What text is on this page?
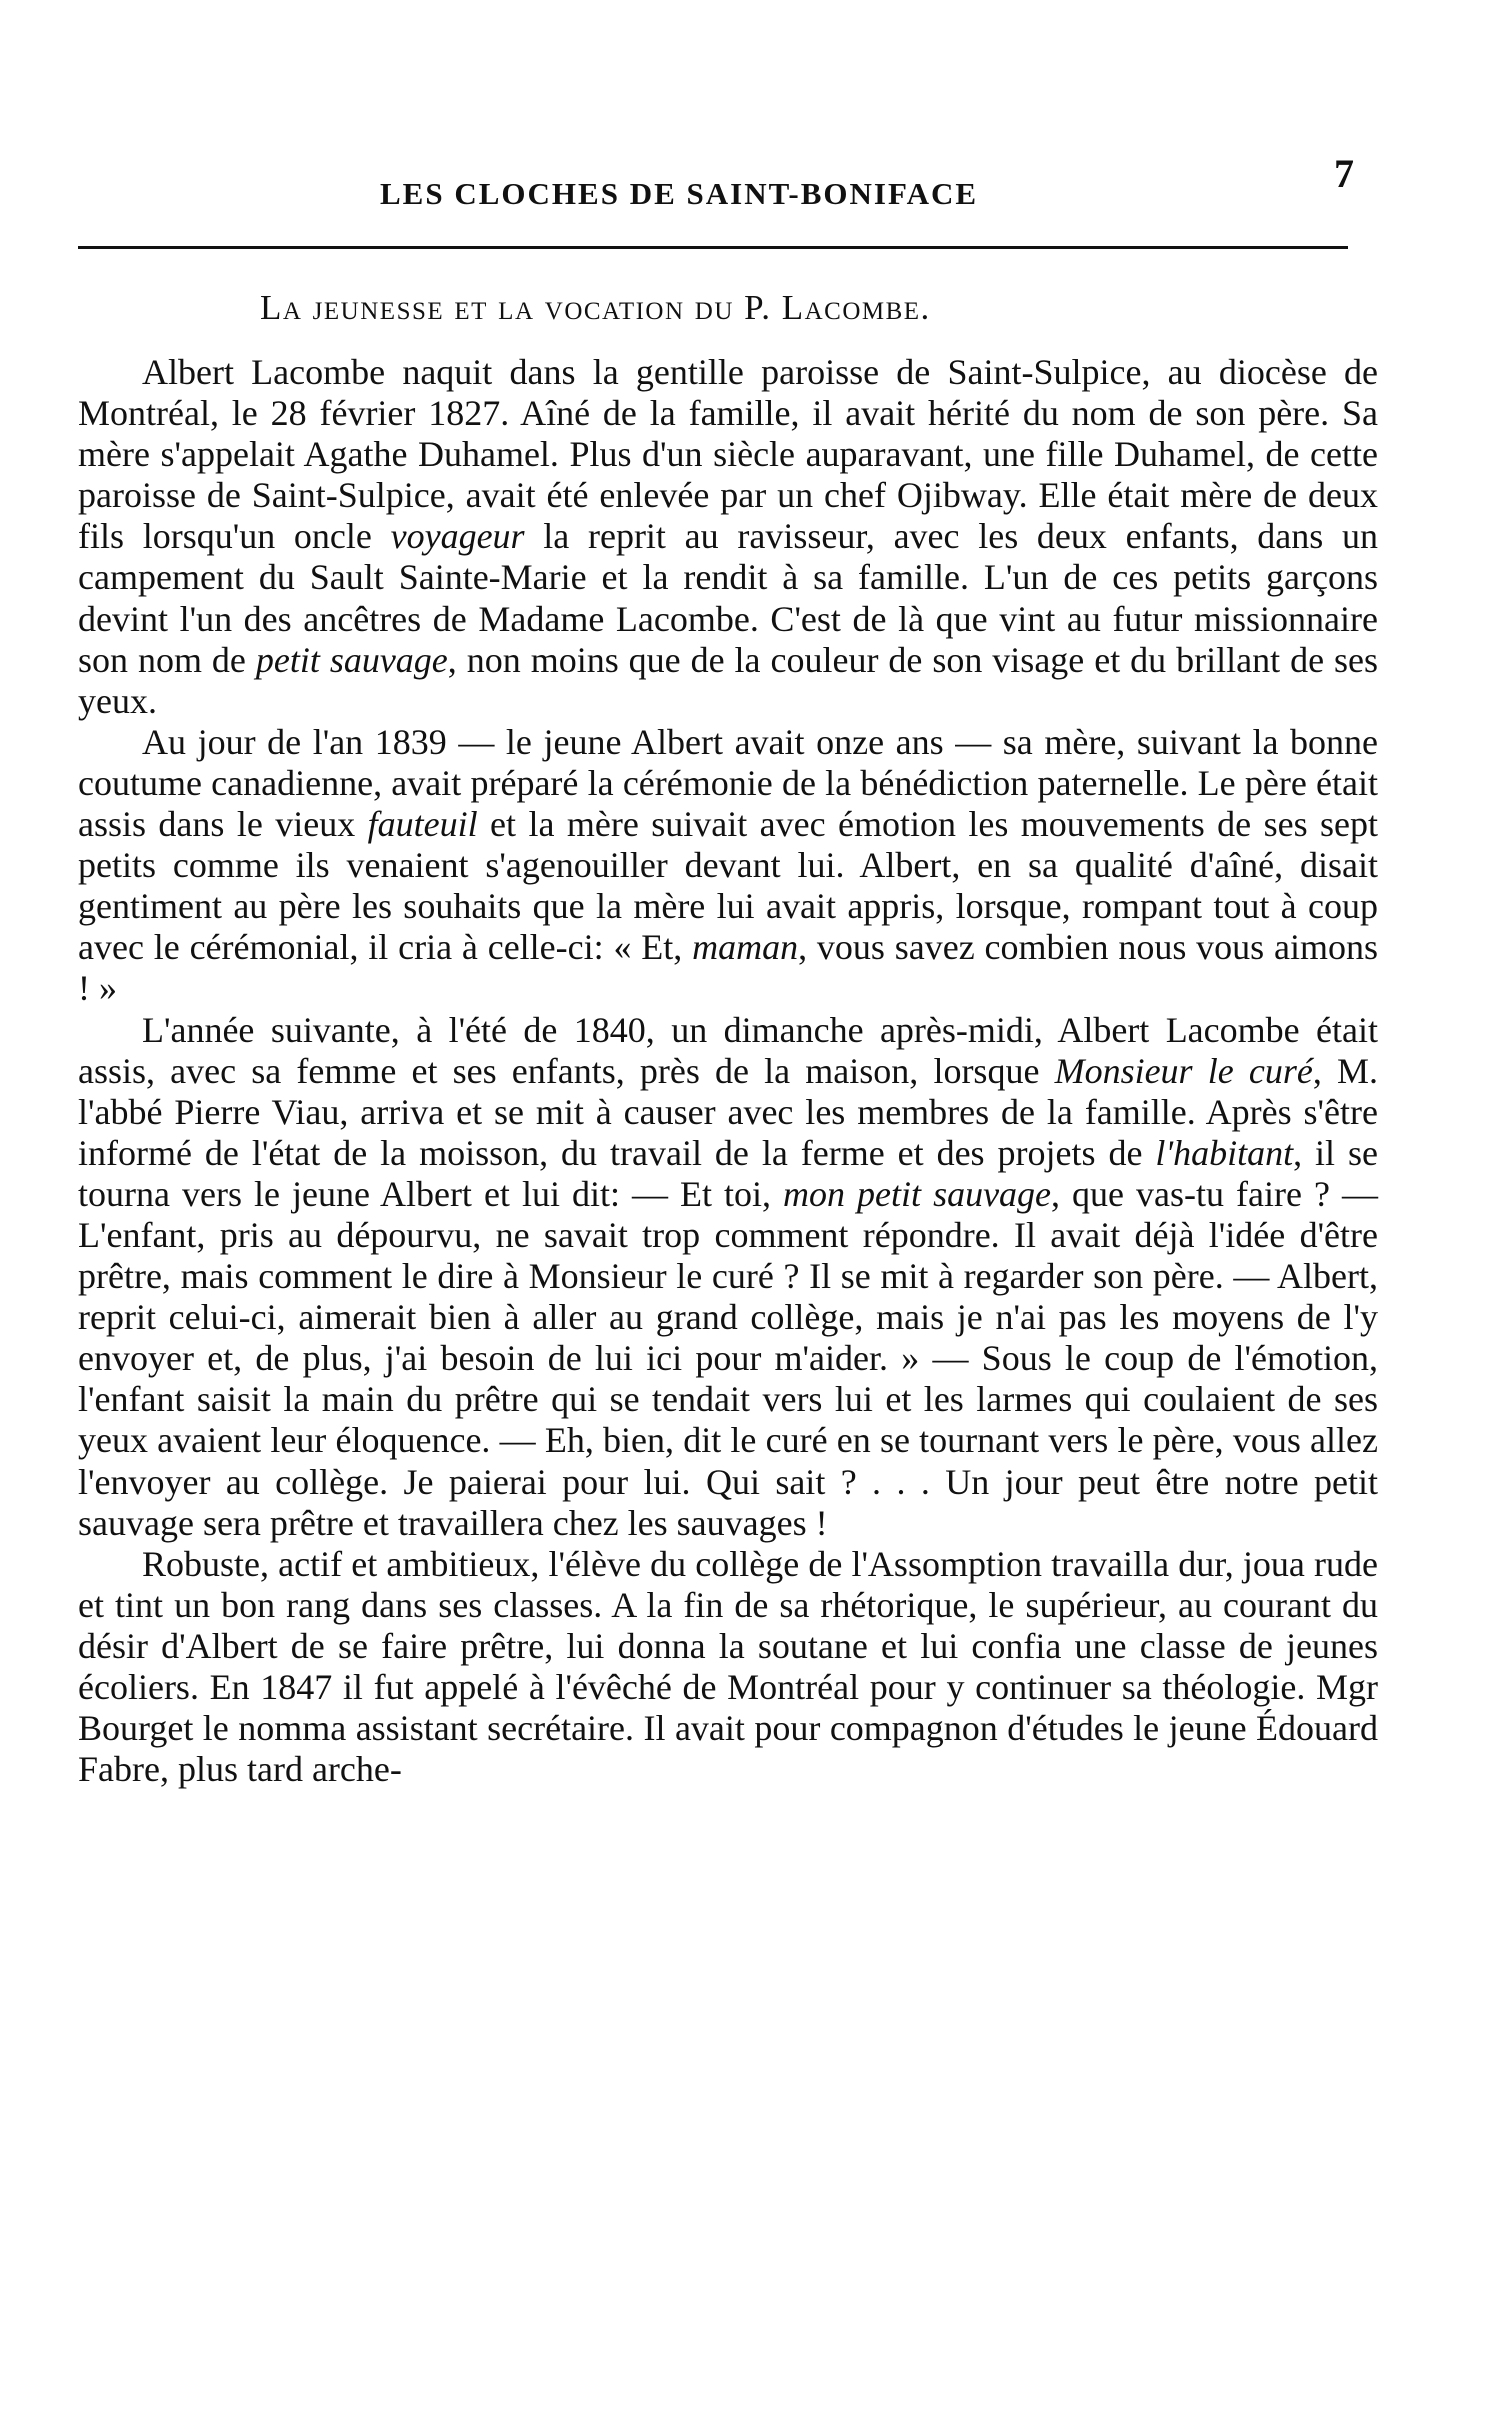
LES CLOCHES DE SAINT-BONIFACE	7
La jeunesse et la vocation du P. Lacombe.

Albert Lacombe naquit dans la gentille paroisse de Saint-Sulpice, au diocèse de Montréal, le 28 février 1827. Aîné de la famille, il avait hérité du nom de son père. Sa mère s'appelait Agathe Duhamel. Plus d'un siècle auparavant, une fille Duhamel, de cette paroisse de Saint-Sulpice, avait été enlevée par un chef Ojibway. Elle était mère de deux fils lorsqu'un oncle voyageur la reprit au ravisseur, avec les deux enfants, dans un campement du Sault Sainte-Marie et la rendit à sa famille. L'un de ces petits garçons devint l'un des ancêtres de Madame Lacombe. C'est de là que vint au futur missionnaire son nom de petit sauvage, non moins que de la couleur de son visage et du brillant de ses yeux.

Au jour de l'an 1839 — le jeune Albert avait onze ans — sa mère, suivant la bonne coutume canadienne, avait préparé la cérémonie de la bénédiction paternelle. Le père était assis dans le vieux fauteuil et la mère suivait avec émotion les mouvements de ses sept petits comme ils venaient s'agenouiller devant lui. Albert, en sa qualité d'aîné, disait gentiment au père les souhaits que la mère lui avait appris, lorsque, rompant tout à coup avec le cérémonial, il cria à celle-ci: « Et, maman, vous savez combien nous vous aimons ! »

L'année suivante, à l'été de 1840, un dimanche après-midi, Albert Lacombe était assis, avec sa femme et ses enfants, près de la maison, lorsque Monsieur le curé, M. l'abbé Pierre Viau, arriva et se mit à causer avec les membres de la famille. Après s'être informé de l'état de la moisson, du travail de la ferme et des projets de l'habitant, il se tourna vers le jeune Albert et lui dit: — Et toi, mon petit sauvage, que vas-tu faire ? — L'enfant, pris au dépourvu, ne savait trop comment répondre. Il avait déjà l'idée d'être prêtre, mais comment le dire à Monsieur le curé ? Il se mit à regarder son père. — Albert, reprit celui-ci, aimerait bien à aller au grand collège, mais je n'ai pas les moyens de l'y envoyer et, de plus, j'ai besoin de lui ici pour m'aider. » — Sous le coup de l'émotion, l'enfant saisit la main du prêtre qui se tendait vers lui et les larmes qui coulaient de ses yeux avaient leur éloquence. — Eh, bien, dit le curé en se tournant vers le père, vous allez l'envoyer au collège. Je paierai pour lui. Qui sait ? . . . Un jour peut être notre petit sauvage sera prêtre et travaillera chez les sauvages !

Robuste, actif et ambitieux, l'élève du collège de l'Assomption travailla dur, joua rude et tint un bon rang dans ses classes. A la fin de sa rhétorique, le supérieur, au courant du désir d'Albert de se faire prêtre, lui donna la soutane et lui confia une classe de jeunes écoliers. En 1847 il fut appelé à l'évêché de Montréal pour y continuer sa théologie. Mgr Bourget le nomma assistant secrétaire. Il avait pour compagnon d'études le jeune Édouard Fabre, plus tard arche-
